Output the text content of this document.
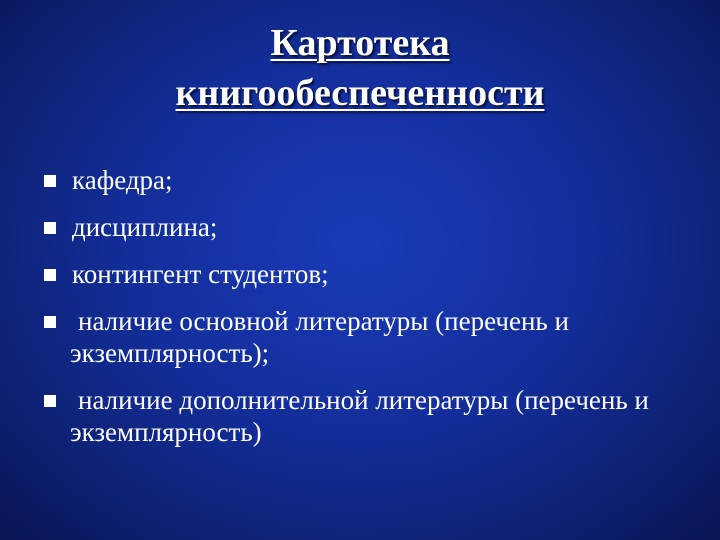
Картотека
книгообеспеченности
кафедра;
дисциплина;
контингент студентов;
наличие основной литературы (перечень и экземплярность);
наличие дополнительной литературы (перечень и экземплярность)
